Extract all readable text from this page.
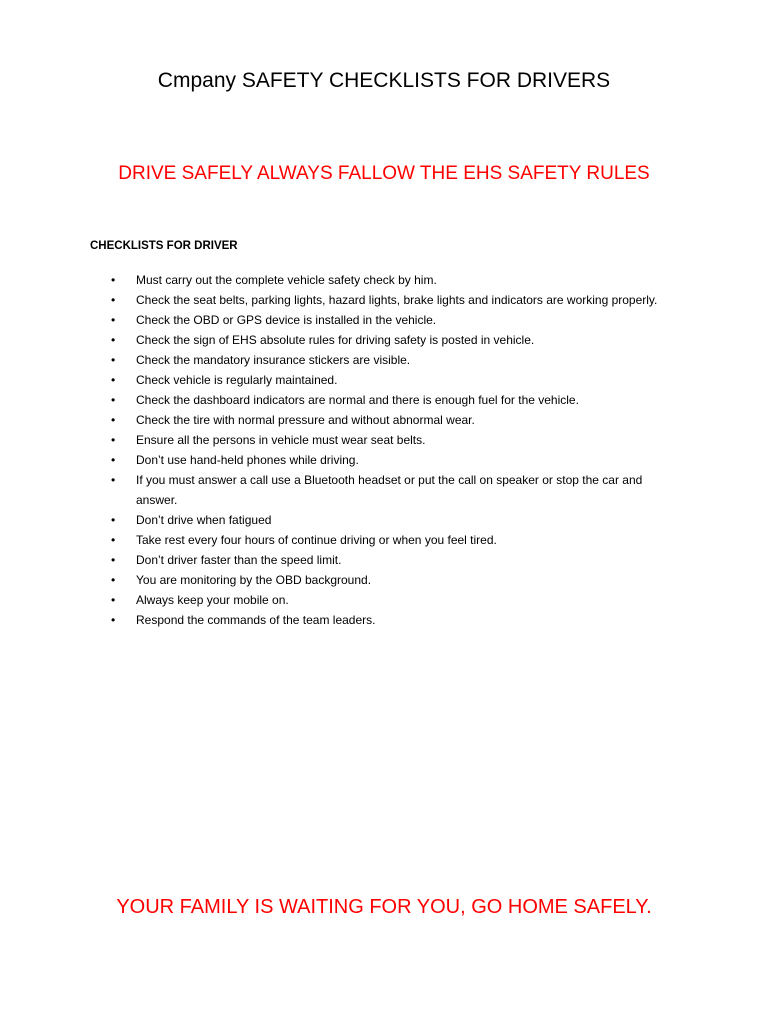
Cmpany SAFETY CHECKLISTS FOR DRIVERS
DRIVE SAFELY ALWAYS FALLOW THE EHS SAFETY RULES
CHECKLISTS FOR DRIVER
•	Must carry out the complete vehicle safety check by him.
•	Check the seat belts, parking lights, hazard lights, brake lights and indicators are working properly.
•	Check the OBD or GPS device is installed in the vehicle.
•	Check the sign of EHS absolute rules for driving safety is posted in vehicle.
•	Check the mandatory insurance stickers are visible.
•	Check vehicle is regularly maintained.
•	Check the dashboard indicators are normal and there is enough fuel for the vehicle.
•	Check the tire with normal pressure and without abnormal wear.
•	Ensure all the persons in vehicle must wear seat belts.
•	Don’t use hand-held phones while driving.
•	If you must answer a call use a Bluetooth headset or put the call on speaker or stop the car and answer.
•	Don’t drive when fatigued
•	Take rest every four hours of continue driving or when you feel tired.
•	Don’t driver faster than the speed limit.
•	You are monitoring by the OBD background.
•	Always keep your mobile on.
•	Respond the commands of the team leaders.

YOUR FAMILY IS WAITING FOR YOU, GO HOME SAFELY.
